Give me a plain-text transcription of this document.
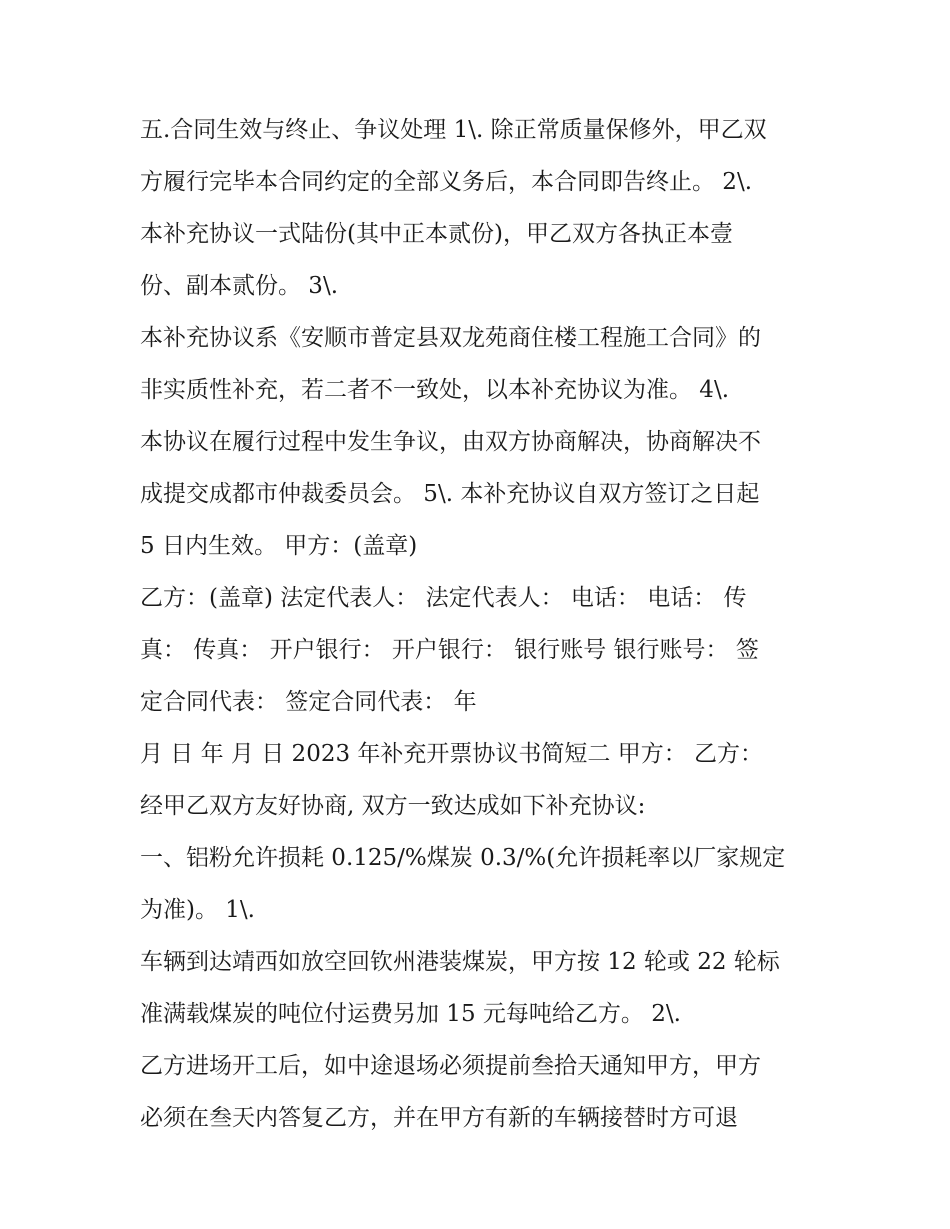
五.合同生效与终止、争议处理 1\. 除正常质量保修外，甲乙双
方履行完毕本合同约定的全部义务后，本合同即告终止。 2\.
本补充协议一式陆份(其中正本贰份)，甲乙双方各执正本壹
份、副本贰份。 3\.
本补充协议系《安顺市普定县双龙苑商住楼工程施工合同》的
非实质性补充，若二者不一致处，以本补充协议为准。 4\.
本协议在履行过程中发生争议，由双方协商解决，协商解决不
成提交成都市仲裁委员会。 5\. 本补充协议自双方签订之日起
5 日内生效。 甲方：(盖章)
乙方：(盖章) 法定代表人： 法定代表人： 电话： 电话： 传
真： 传真： 开户银行： 开户银行： 银行账号 银行账号： 签
定合同代表： 签定合同代表： 年
月 日 年 月 日 2023 年补充开票协议书简短二 甲方： 乙方：
经甲乙双方友好协商, 双方一致达成如下补充协议:
一、铝粉允许损耗 0.125/%煤炭 0.3/%(允许损耗率以厂家规定
为准)。 1\.
车辆到达靖西如放空回钦州港装煤炭，甲方按 12 轮或 22 轮标
准满载煤炭的吨位付运费另加 15 元每吨给乙方。 2\.
乙方进场开工后，如中途退场必须提前叁拾天通知甲方，甲方
必须在叁天内答复乙方，并在甲方有新的车辆接替时方可退
